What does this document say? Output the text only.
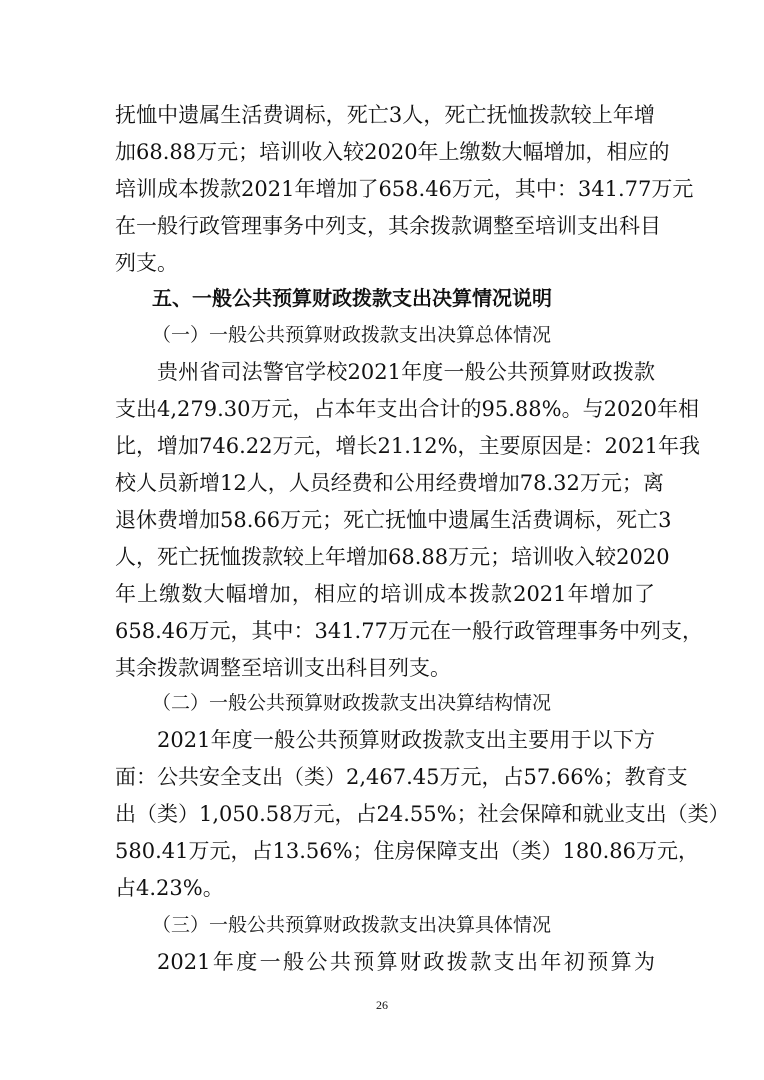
抚恤中遗属生活费调标，死亡3人，死亡抚恤拨款较上年增
加68.88万元；培训收入较2020年上缴数大幅增加，相应的
培训成本拨款2021年增加了658.46万元，其中：341.77万元
在一般行政管理事务中列支，其余拨款调整至培训支出科目
列支。
五、一般公共预算财政拨款支出决算情况说明
（一）一般公共预算财政拨款支出决算总体情况
贵州省司法警官学校2021年度一般公共预算财政拨款
支出4,279.30万元，占本年支出合计的95.88%。与2020年相
比，增加746.22万元，增长21.12%，主要原因是：2021年我
校人员新增12人，人员经费和公用经费增加78.32万元；离
退休费增加58.66万元；死亡抚恤中遗属生活费调标，死亡3
人，死亡抚恤拨款较上年增加68.88万元；培训收入较2020
年上缴数大幅增加，相应的培训成本拨款2021年增加了
658.46万元，其中：341.77万元在一般行政管理事务中列支，
其余拨款调整至培训支出科目列支。
（二）一般公共预算财政拨款支出决算结构情况
2021年度一般公共预算财政拨款支出主要用于以下方
面：公共安全支出（类）2,467.45万元，占57.66%；教育支
出（类）1,050.58万元，占24.55%；社会保障和就业支出（类）
580.41万元，占13.56%；住房保障支出（类）180.86万元，
占4.23%。
（三）一般公共预算财政拨款支出决算具体情况
2021年度一般公共预算财政拨款支出年初预算为
26
